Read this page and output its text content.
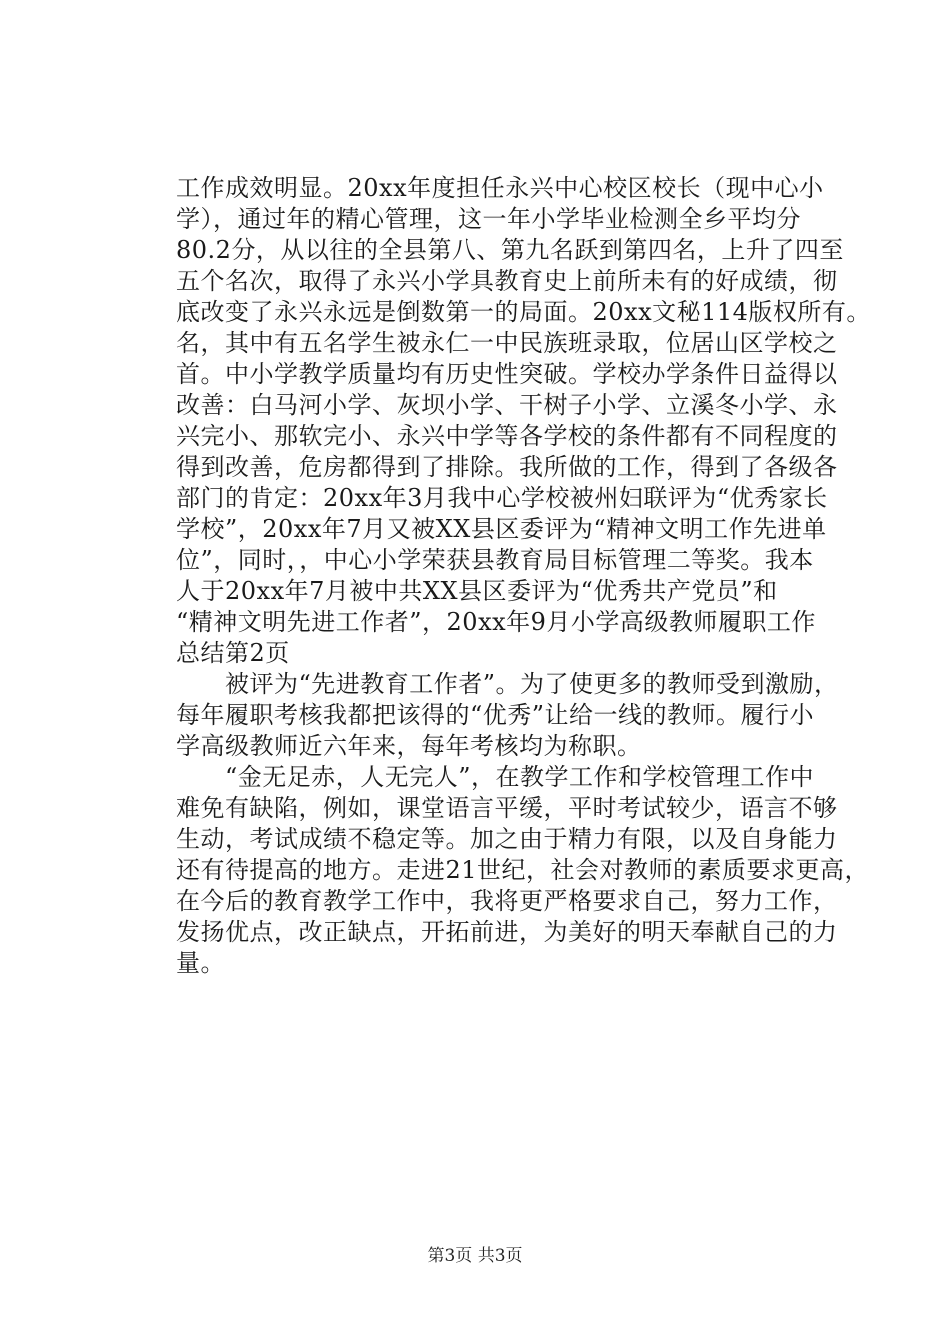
工作成效明显。20xx年度担任永兴中心校区校长（现中心小
学），通过年的精心管理，这一年小学毕业检测全乡平均分
80.2分，从以往的全县第八、第九名跃到第四名，上升了四至
五个名次，取得了永兴小学具教育史上前所未有的好成绩，彻
底改变了永兴永远是倒数第一的局面。20xx文秘114版权所有。
名，其中有五名学生被永仁一中民族班录取，位居山区学校之
首。中小学教学质量均有历史性突破。学校办学条件日益得以
改善：白马河小学、灰坝小学、干树子小学、立溪冬小学、永
兴完小、那软完小、永兴中学等各学校的条件都有不同程度的
得到改善，危房都得到了排除。我所做的工作，得到了各级各
部门的肯定：20xx年3月我中心学校被州妇联评为“优秀家长
学校”，20xx年7月又被XX县区委评为“精神文明工作先进单
位”，同时，，中心小学荣获县教育局目标管理二等奖。我本
人于20xx年7月被中共XX县区委评为“优秀共产党员”和
“精神文明先进工作者”，20xx年9月小学高级教师履职工作
总结第2页
　　被评为“先进教育工作者”。为了使更多的教师受到激励，
每年履职考核我都把该得的“优秀”让给一线的教师。履行小
学高级教师近六年来，每年考核均为称职。
　　“金无足赤，人无完人”，在教学工作和学校管理工作中
难免有缺陷，例如，课堂语言平缓，平时考试较少，语言不够
生动，考试成绩不稳定等。加之由于精力有限，以及自身能力
还有待提高的地方。走进21世纪，社会对教师的素质要求更高，
在今后的教育教学工作中，我将更严格要求自己，努力工作，
发扬优点，改正缺点，开拓前进，为美好的明天奉献自己的力
量。
第3页 共3页
